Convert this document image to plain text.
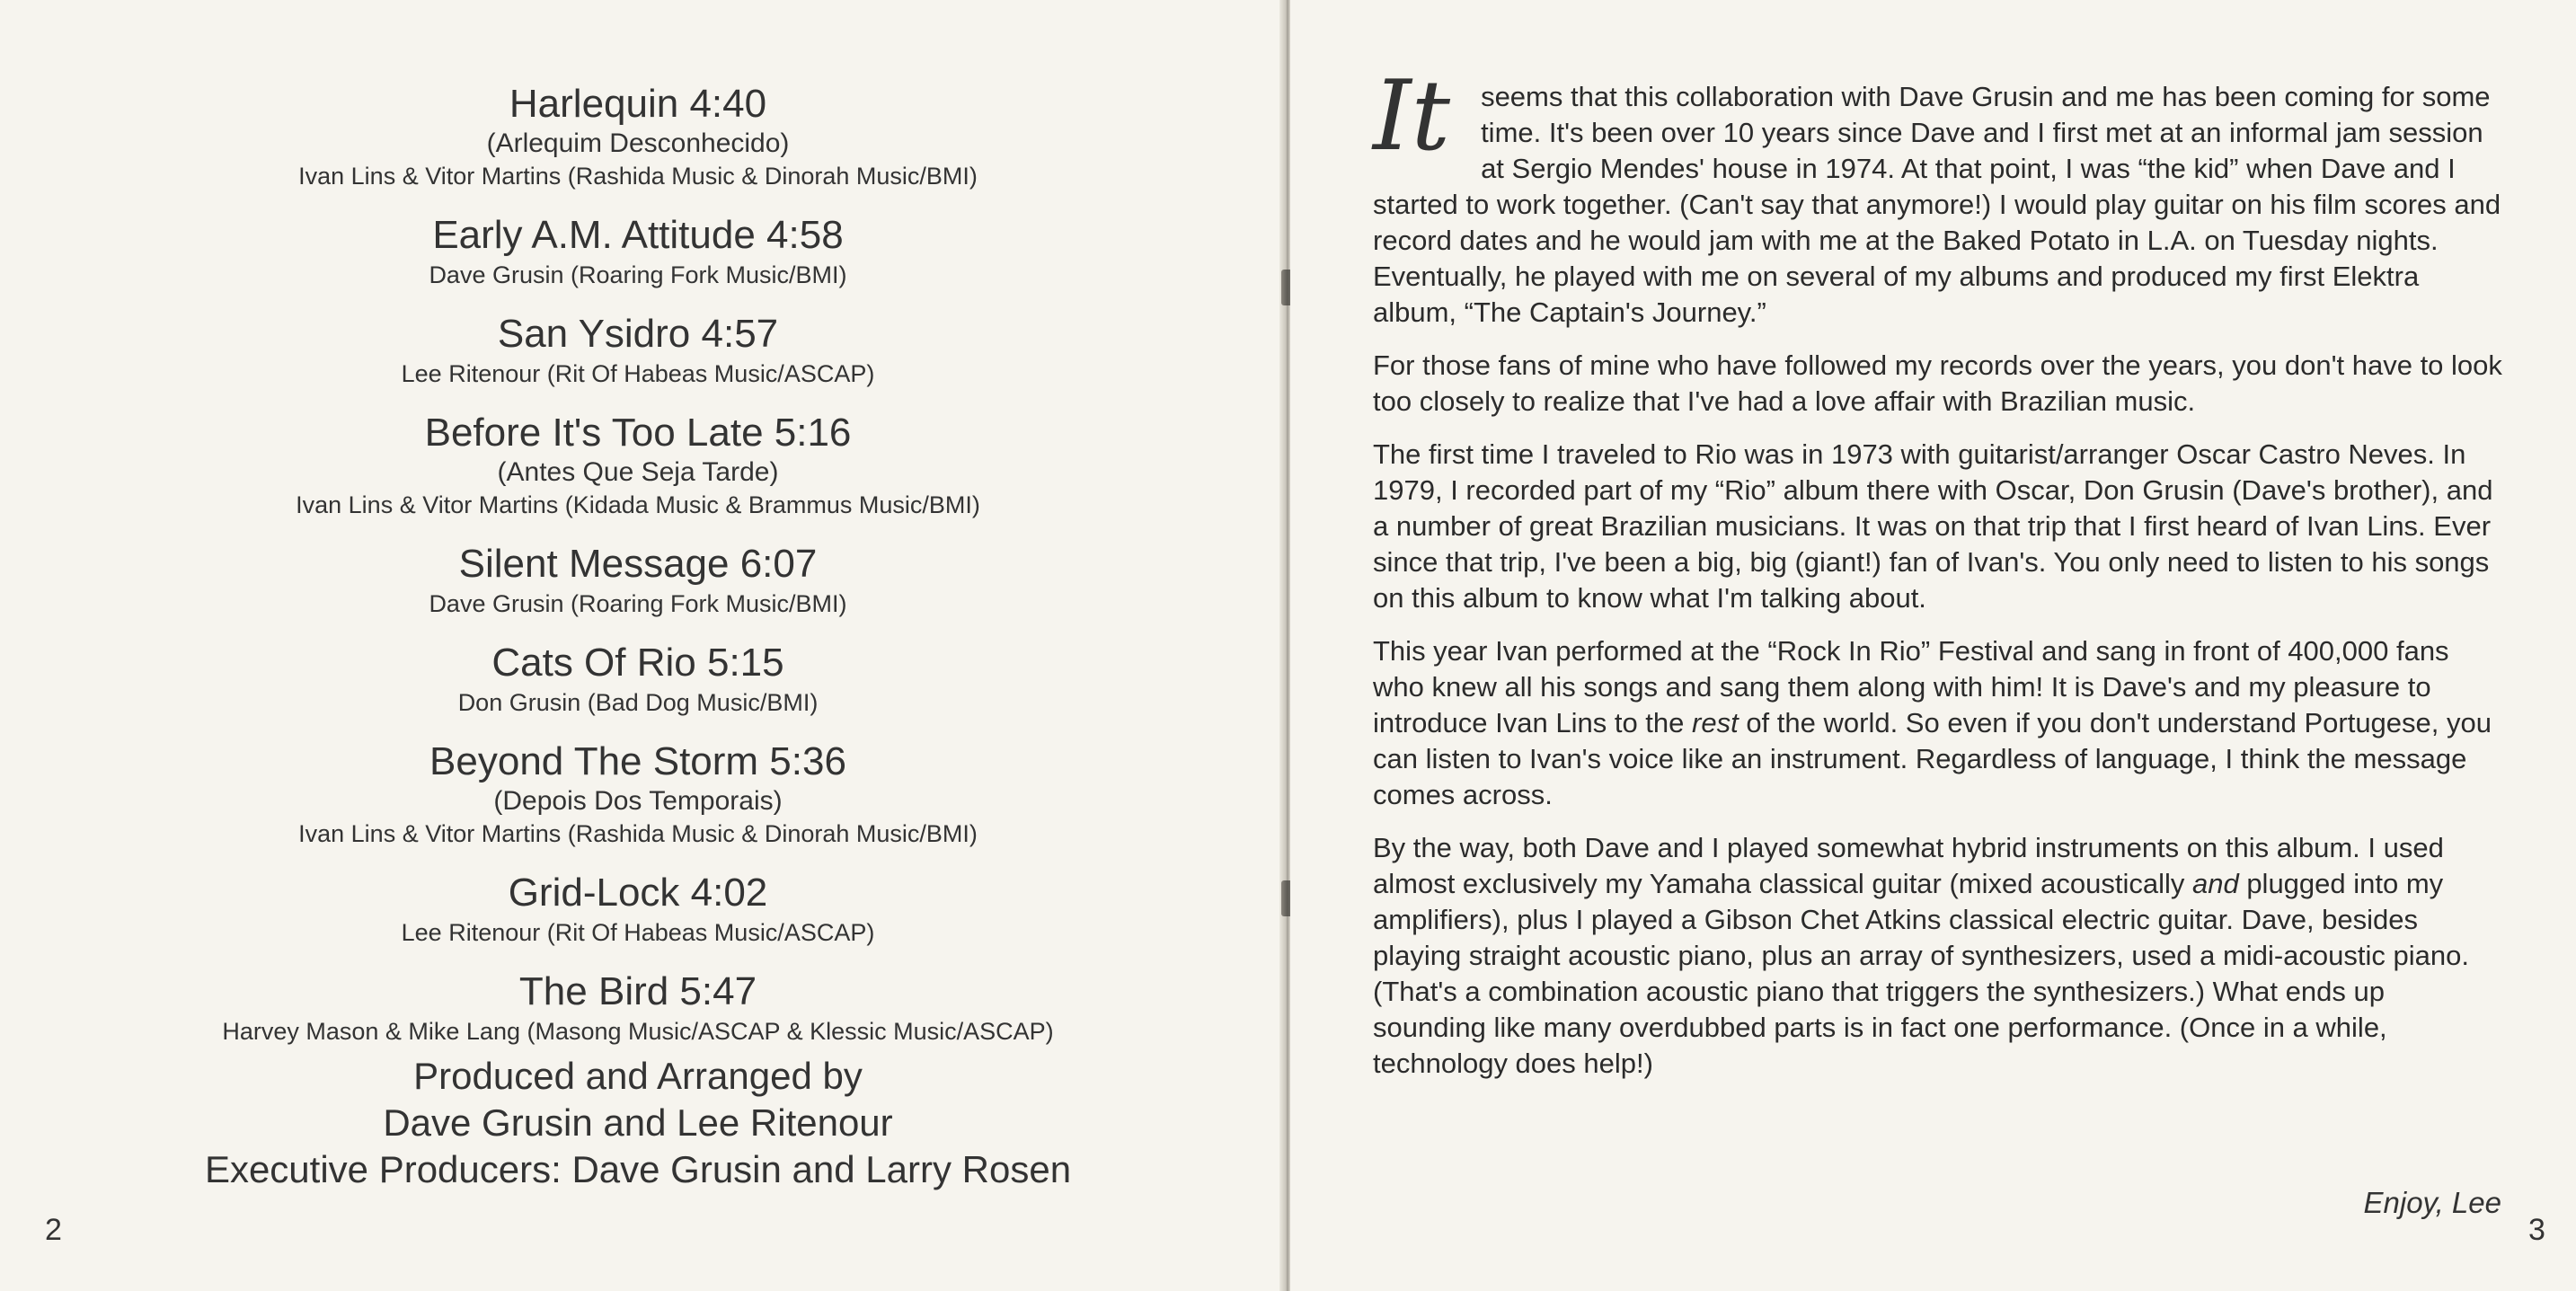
Harlequin 4:40
(Arlequim Desconhecido)
Ivan Lins & Vitor Martins (Rashida Music & Dinorah Music/BMI)
Early A.M. Attitude 4:58
Dave Grusin (Roaring Fork Music/BMI)
San Ysidro 4:57
Lee Ritenour (Rit Of Habeas Music/ASCAP)
Before It's Too Late 5:16
(Antes Que Seja Tarde)
Ivan Lins & Vitor Martins (Kidada Music & Brammus Music/BMI)
Silent Message 6:07
Dave Grusin (Roaring Fork Music/BMI)
Cats Of Rio 5:15
Don Grusin (Bad Dog Music/BMI)
Beyond The Storm 5:36
(Depois Dos Temporais)
Ivan Lins & Vitor Martins (Rashida Music & Dinorah Music/BMI)
Grid-Lock 4:02
Lee Ritenour (Rit Of Habeas Music/ASCAP)
The Bird 5:47
Harvey Mason & Mike Lang (Masong Music/ASCAP & Klessic Music/ASCAP)
Produced and Arranged by
Dave Grusin and Lee Ritenour
Executive Producers: Dave Grusin and Larry Rosen
2

It seems that this collaboration with Dave Grusin and me has been coming for some time. It's been over 10 years since Dave and I first met at an informal jam session at Sergio Mendes' house in 1974. At that point, I was “the kid” when Dave and I started to work together. (Can't say that anymore!) I would play guitar on his film scores and record dates and he would jam with me at the Baked Potato in L.A. on Tuesday nights. Eventually, he played with me on several of my albums and produced my first Elektra album, “The Captain's Journey.”

For those fans of mine who have followed my records over the years, you don't have to look too closely to realize that I've had a love affair with Brazilian music.

The first time I traveled to Rio was in 1973 with guitarist/arranger Oscar Castro Neves. In 1979, I recorded part of my “Rio” album there with Oscar, Don Grusin (Dave's brother), and a number of great Brazilian musicians. It was on that trip that I first heard of Ivan Lins. Ever since that trip, I've been a big, big (giant!) fan of Ivan's. You only need to listen to his songs on this album to know what I'm talking about.

This year Ivan performed at the “Rock In Rio” Festival and sang in front of 400,000 fans who knew all his songs and sang them along with him! It is Dave's and my pleasure to introduce Ivan Lins to the rest of the world. So even if you don't understand Portugese, you can listen to Ivan's voice like an instrument. Regardless of language, I think the message comes across.

By the way, both Dave and I played somewhat hybrid instruments on this album. I used almost exclusively my Yamaha classical guitar (mixed acoustically and plugged into my amplifiers), plus I played a Gibson Chet Atkins classical electric guitar. Dave, besides playing straight acoustic piano, plus an array of synthesizers, used a midi-acoustic piano. (That's a combination acoustic piano that triggers the synthesizers.) What ends up sounding like many overdubbed parts is in fact one performance. (Once in a while, technology does help!)

Enjoy, Lee
3
